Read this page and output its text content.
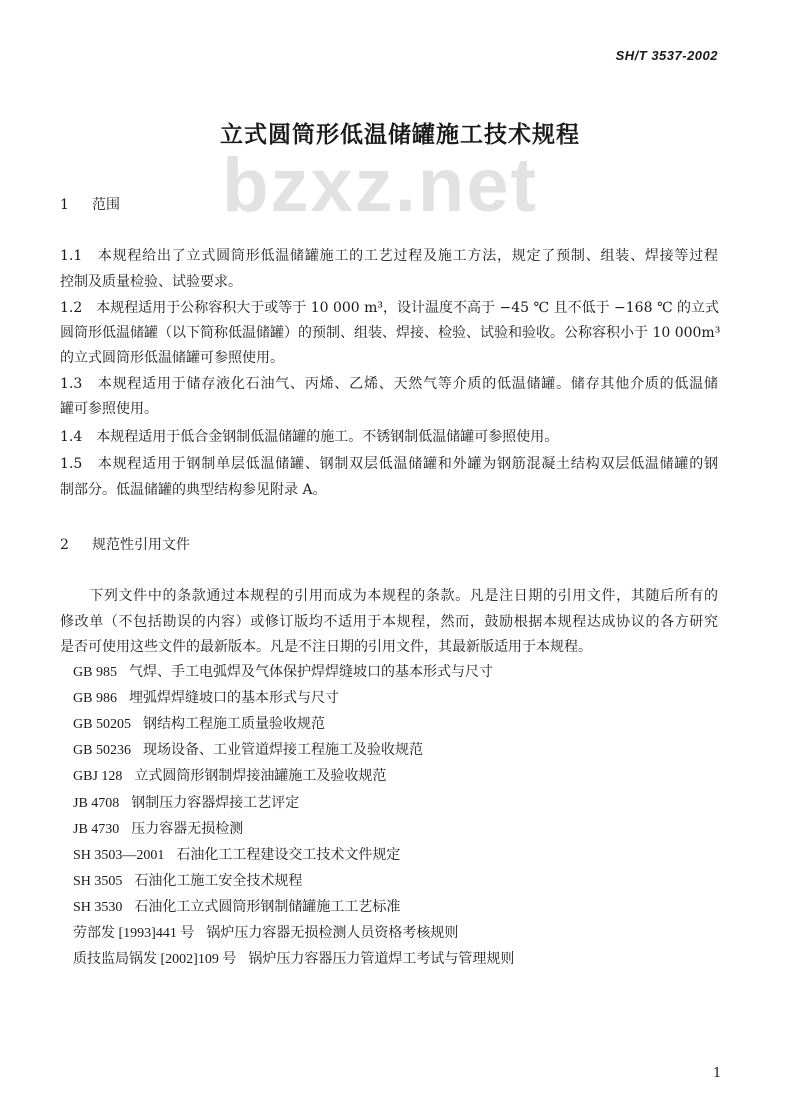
SH/T 3537-2002
立式圆筒形低温储罐施工技术规程
bzxz.net
1 范围
1.1　本规程给出了立式圆筒形低温储罐施工的工艺过程及施工方法，规定了预制、组装、焊接等过程
控制及质量检验、试验要求。
1.2　本规程适用于公称容积大于或等于 10 000 m³，设计温度不高于 −45 ℃ 且不低于 −168 ℃ 的立式
圆筒形低温储罐（以下简称低温储罐）的预制、组装、焊接、检验、试验和验收。公称容积小于 10 000m³
的立式圆筒形低温储罐可参照使用。
1.3　本规程适用于储存液化石油气、丙烯、乙烯、天然气等介质的低温储罐。储存其他介质的低温储
罐可参照使用。
1.4　本规程适用于低合金钢制低温储罐的施工。不锈钢制低温储罐可参照使用。
1.5　本规程适用于钢制单层低温储罐、钢制双层低温储罐和外罐为钢筋混凝土结构双层低温储罐的钢
制部分。低温储罐的典型结构参见附录 A。
2 规范性引用文件
　　下列文件中的条款通过本规程的引用而成为本规程的条款。凡是注日期的引用文件，其随后所有的
修改单（不包括勘误的内容）或修订版均不适用于本规程，然而，鼓励根据本规程达成协议的各方研究
是否可使用这些文件的最新版本。凡是不注日期的引用文件，其最新版适用于本规程。
GB 985 气焊、手工电弧焊及气体保护焊焊缝坡口的基本形式与尺寸
GB 986 埋弧焊焊缝坡口的基本形式与尺寸
GB 50205 钢结构工程施工质量验收规范
GB 50236 现场设备、工业管道焊接工程施工及验收规范
GBJ 128 立式圆筒形钢制焊接油罐施工及验收规范
JB 4708 钢制压力容器焊接工艺评定
JB 4730 压力容器无损检测
SH 3503—2001 石油化工工程建设交工技术文件规定
SH 3505 石油化工施工安全技术规程
SH 3530 石油化工立式圆筒形钢制储罐施工工艺标准
劳部发 [1993]441 号 锅炉压力容器无损检测人员资格考核规则
质技监局锅发 [2002]109 号 锅炉压力容器压力管道焊工考试与管理规则
1
